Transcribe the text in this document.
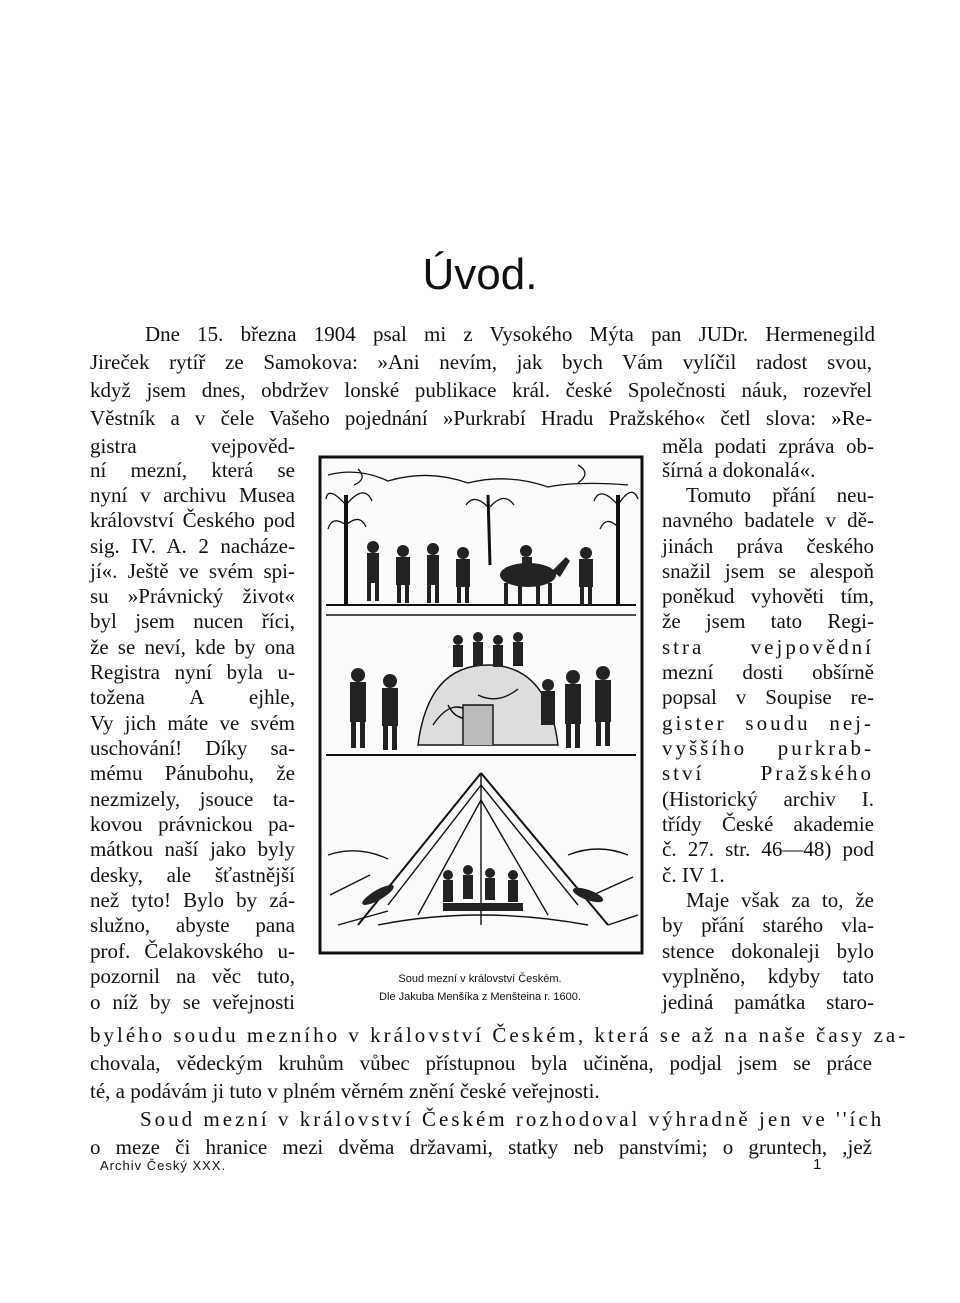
Úvod.
Dne 15. března 1904 psal mi z Vysokého Mýta pan JUDr. Hermenegild
Jireček rytíř ze Samokova: »Ani nevím, jak bych Vám vylíčil radost svou,
když jsem dnes, obdržev lonské publikace král. české Společnosti náuk, rozevřel
Věstník a v čele Vašeho pojednání »Purkrabí Hradu Pražského« četl slova: »Re-
gistra vejpověd-
ní mezní, která se
nyní v archivu Musea
království Českého pod
sig. IV. A. 2 nacháze-
jí«. Ještě ve svém spi-
su »Právnický život«
byl jsem nucen říci,
že se neví, kde by ona
Registra nyní byla u-
tožena A ejhle,
Vy jich máte ve svém
uschování! Díky sa-
mému Pánubohu, že
nezmizely, jsouce ta-
kovou právnickou pa-
mátkou naší jako byly
desky, ale šťastnější
než tyto! Bylo by zá-
služno, abyste pana
prof. Čelakovského u-
pozornil na věc tuto,
o níž by se veřejnosti
měla podati zpráva ob-
šírná a dokonalá«.
Tomuto přání neu-
navného badatele v dě-
jinách práva českého
snažil jsem se alespoň
poněkud vyhověti tím,
že jsem tato Regi-
stra vejpovědní
mezní dosti obšírně
popsal v Soupise re-
gister soudu nej-
vyššího purkrab-
ství Pražského
(Historický archiv I.
třídy České akademie
č. 27. str. 46—48) pod
č. IV 1.
Maje však za to, že
by přání starého vla-
stence dokonaleji bylo
vyplněno, kdyby tato
jediná památka staro-
Soud mezní v království Českém.
Dle Jakuba Menšíka z Menšteina r. 1600.
bylého soudu mezního v království Českém, která se až na naše časy za-
chovala, vědeckým kruhům vůbec přístupnou byla učiněna, podjal jsem se práce
té, a podávám ji tuto v plném věrném znění české veřejnosti.
Soud mezní v království Českém rozhodoval výhradně jen ve ''ích
o meze či hranice mezi dvěma državami, statky neb panstvími; o gruntech, ,jež
Archiv Český XXX.	1
